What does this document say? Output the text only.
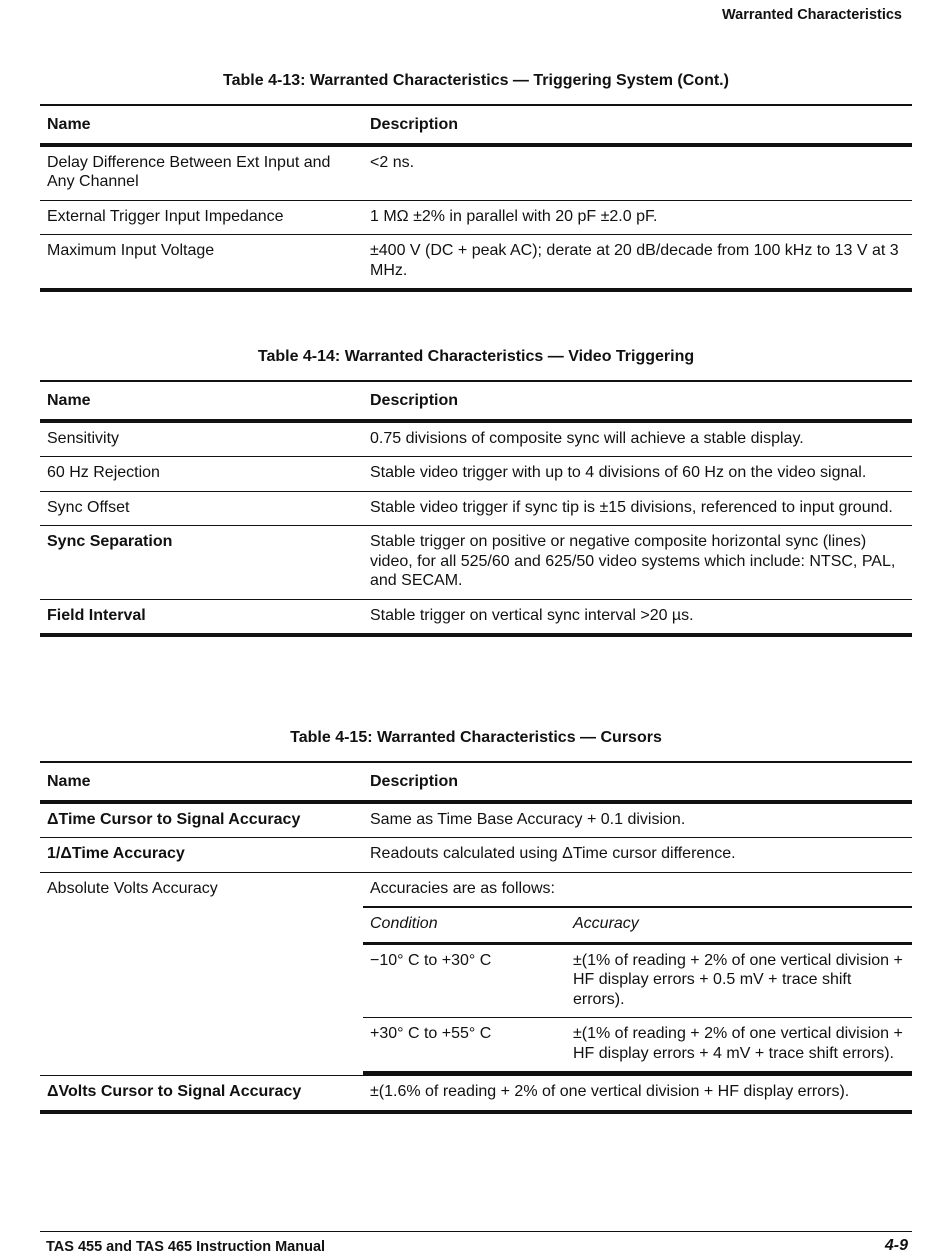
Warranted Characteristics
Table 4-13: Warranted Characteristics — Triggering System (Cont.)
Name	Description
Delay Difference Between Ext Input and Any Channel	<2 ns.
External Trigger Input Impedance	1 MΩ ±2% in parallel with 20 pF ±2.0 pF.
Maximum Input Voltage	±400 V (DC + peak AC); derate at 20 dB/decade from 100 kHz to 13 V at 3 MHz.
Table 4-14: Warranted Characteristics — Video Triggering
Name	Description
Sensitivity	0.75 divisions of composite sync will achieve a stable display.
60 Hz Rejection	Stable video trigger with up to 4 divisions of 60 Hz on the video signal.
Sync Offset	Stable video trigger if sync tip is ±15 divisions, referenced to input ground.
Sync Separation	Stable trigger on positive or negative composite horizontal sync (lines) video, for all 525/60 and 625/50 video systems which include: NTSC, PAL, and SECAM.
Field Interval	Stable trigger on vertical sync interval >20 µs.
Table 4-15: Warranted Characteristics — Cursors
Name	Description
ΔTime Cursor to Signal Accuracy	Same as Time Base Accuracy + 0.1 division.
1/ΔTime Accuracy	Readouts calculated using ΔTime cursor difference.
Absolute Volts Accuracy	Accuracies are as follows:
Condition	Accuracy
−10° C to +30° C	±(1% of reading + 2% of one vertical division + HF display errors + 0.5 mV + trace shift errors).
+30° C to +55° C	±(1% of reading + 2% of one vertical division + HF display errors + 4 mV + trace shift errors).

ΔVolts Cursor to Signal Accuracy	±(1.6% of reading + 2% of one vertical division + HF display errors).
TAS 455 and TAS 465 Instruction Manual	4-9
